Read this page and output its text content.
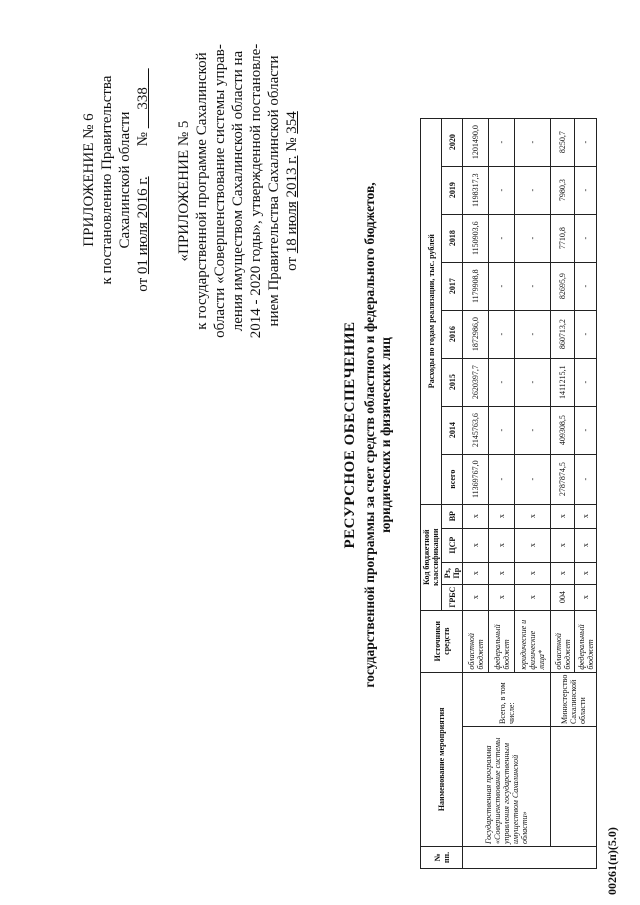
ПРИЛОЖЕНИЕ № 6 к постановлению Правительства Сахалинской области
от 01 июля 2016 г.        №      338
«ПРИЛОЖЕНИЕ № 5 к государственной программе Сахалинской области «Совершенствование системы управ- ления имуществом Сахалинской области на 2014 - 2020 годы», утвержденной постановле- нием Правительства Сахалинской области от 18 июля 2013 г. № 354
РЕСУРСНОЕ ОБЕСПЕЧЕНИЕ государственной программы за счет средств областного и федерального бюджетов, юридических и физических лиц
№ пп.	Наименование мероприятия		Источники средств	Код бюджетной классификации				Расходы по годам реализации, тыс. рублей							
				ГРБС	Рз, Пр	ЦСР	ВР	всего	2014	2015	2016	2017	2018	2019	2020

	Государственная программа «Совершенствование системы управления государственным имуществом Сахалинской области»	Всего, в том числе:	областной бюджет	x	x	x	x	11369767,0	2145763,6	2620397,7	1872986,0	1179908,8	1150903,6	1198317,3	1201490,0
			федеральный бюджет	x	x	x	x	-	-	-	-	-	-	-	-
			юридические и физические лица*	x	x	x	x	-	-	-	-	-	-	-	-
		Министерство Сахалинской области	областной бюджет	004	x	x	x	2787874,5	409308,5	1411215,1	860713,2	82695,9	7710,8	7980,3	8250,7
			федеральный бюджет	x	x	x	x	-	-	-	-	-	-	-	-
00261(п)(5.0)
